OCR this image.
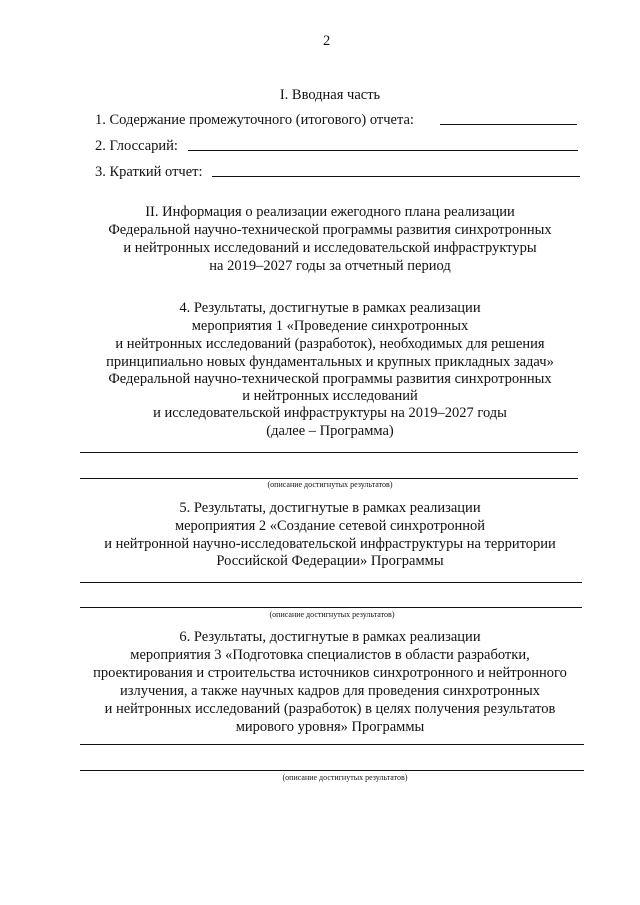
2
I. Вводная часть
1. Содержание промежуточного (итогового) отчета:
2. Глоссарий:
3. Краткий отчет:
II. Информация о реализации ежегодного плана реализации
Федеральной научно-технической программы развития синхротронных
и нейтронных исследований и исследовательской инфраструктуры
на 2019–2027 годы за отчетный период
4. Результаты, достигнутые в рамках реализации
мероприятия 1 «Проведение синхротронных
и нейтронных исследований (разработок), необходимых для решения
принципиально новых фундаментальных и крупных прикладных задач»
Федеральной научно-технической программы развития синхротронных
и нейтронных исследований
и исследовательской инфраструктуры на 2019–2027 годы
(далее – Программа)
(описание достигнутых результатов)
5. Результаты, достигнутые в рамках реализации
мероприятия 2 «Создание сетевой синхротронной
и нейтронной научно-исследовательской инфраструктуры на территории
Российской Федерации» Программы
(описание достигнутых результатов)
6. Результаты, достигнутые в рамках реализации
мероприятия 3 «Подготовка специалистов в области разработки,
проектирования и строительства источников синхротронного и нейтронного
излучения, а также научных кадров для проведения синхротронных
и нейтронных исследований (разработок) в целях получения результатов
мирового уровня» Программы
(описание достигнутых результатов)
